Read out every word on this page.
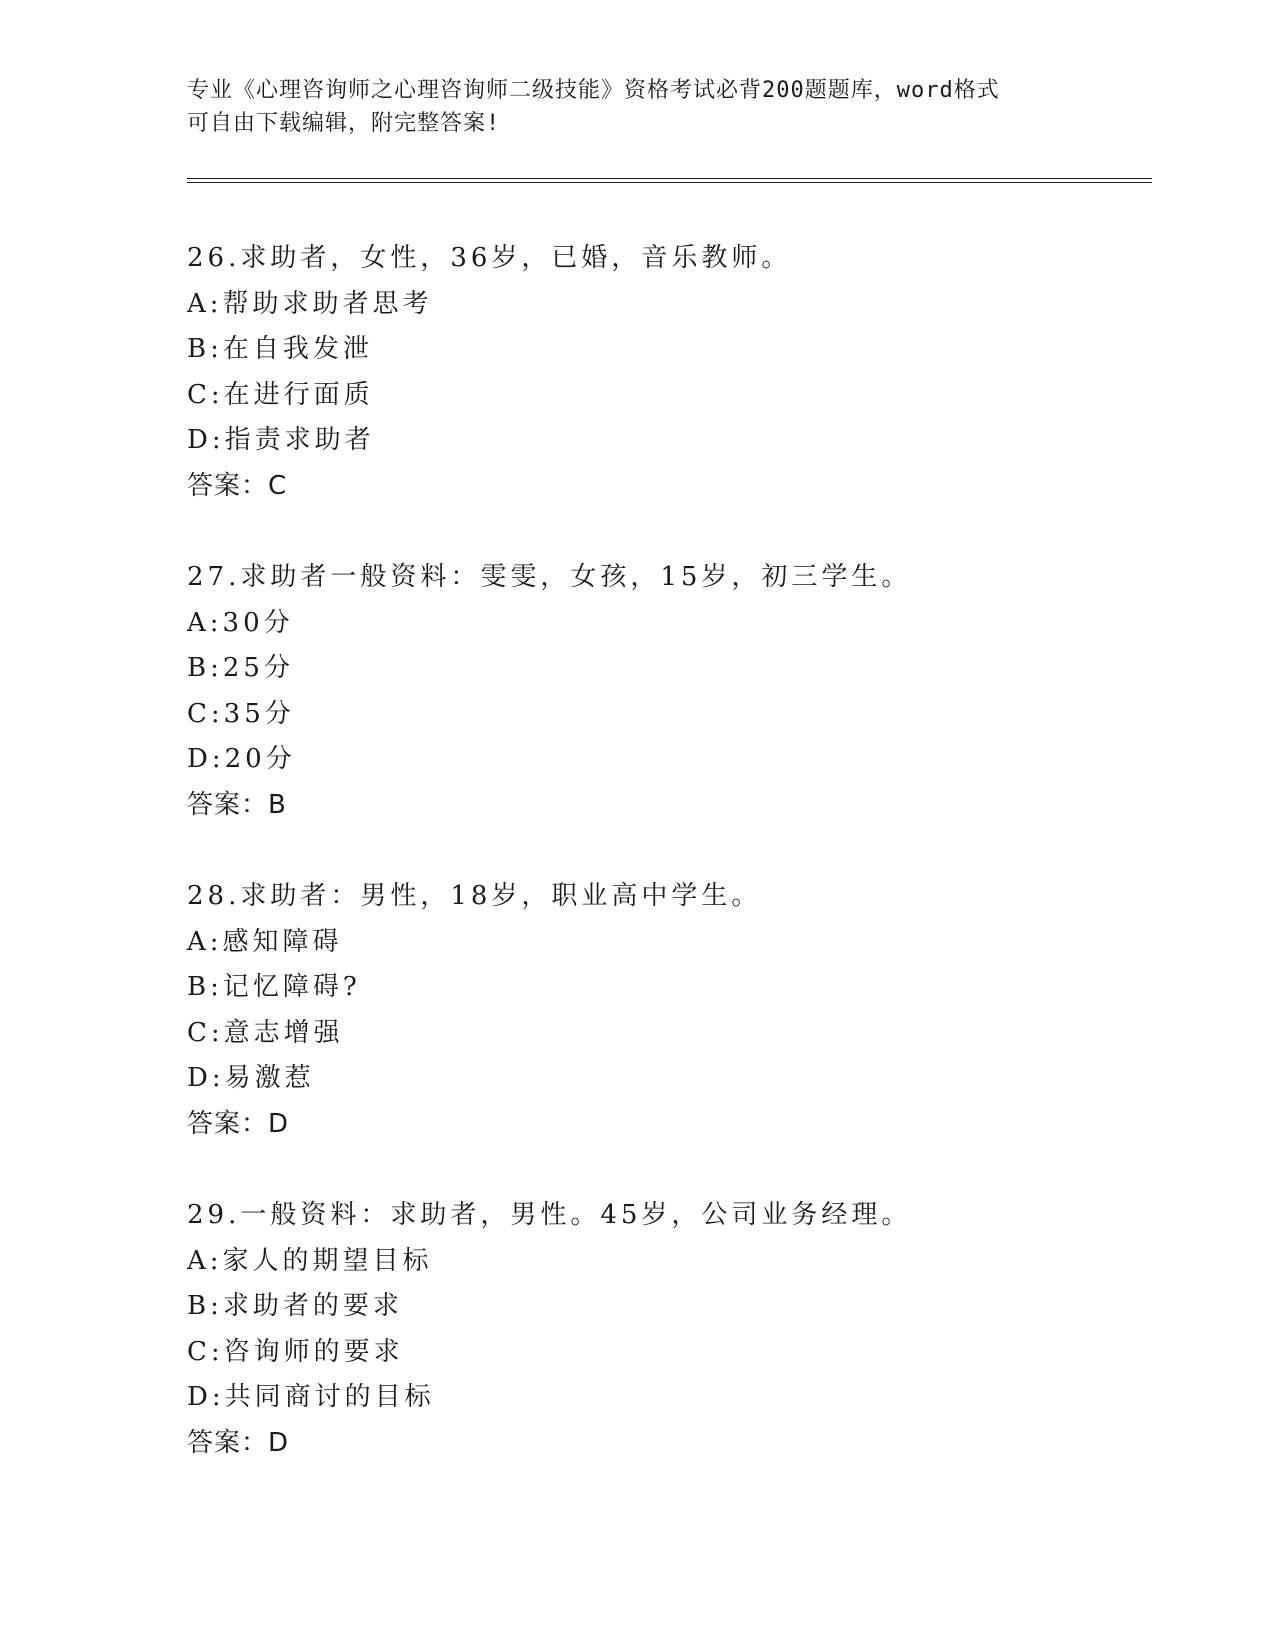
专业《心理咨询师之心理咨询师二级技能》资格考试必背200题题库，word格式
可自由下载编辑，附完整答案!
26.求助者，女性，36岁，已婚，音乐教师。
A:帮助求助者思考
B:在自我发泄
C:在进行面质
D:指责求助者
答案：C
27.求助者一般资料：雯雯，女孩，15岁，初三学生。
A:30分
B:25分
C:35分
D:20分
答案：B
28.求助者：男性，18岁，职业高中学生。
A:感知障碍
B:记忆障碍?
C:意志增强
D:易激惹
答案：D
29.一般资料：求助者，男性。45岁，公司业务经理。
A:家人的期望目标
B:求助者的要求
C:咨询师的要求
D:共同商讨的目标
答案：D
